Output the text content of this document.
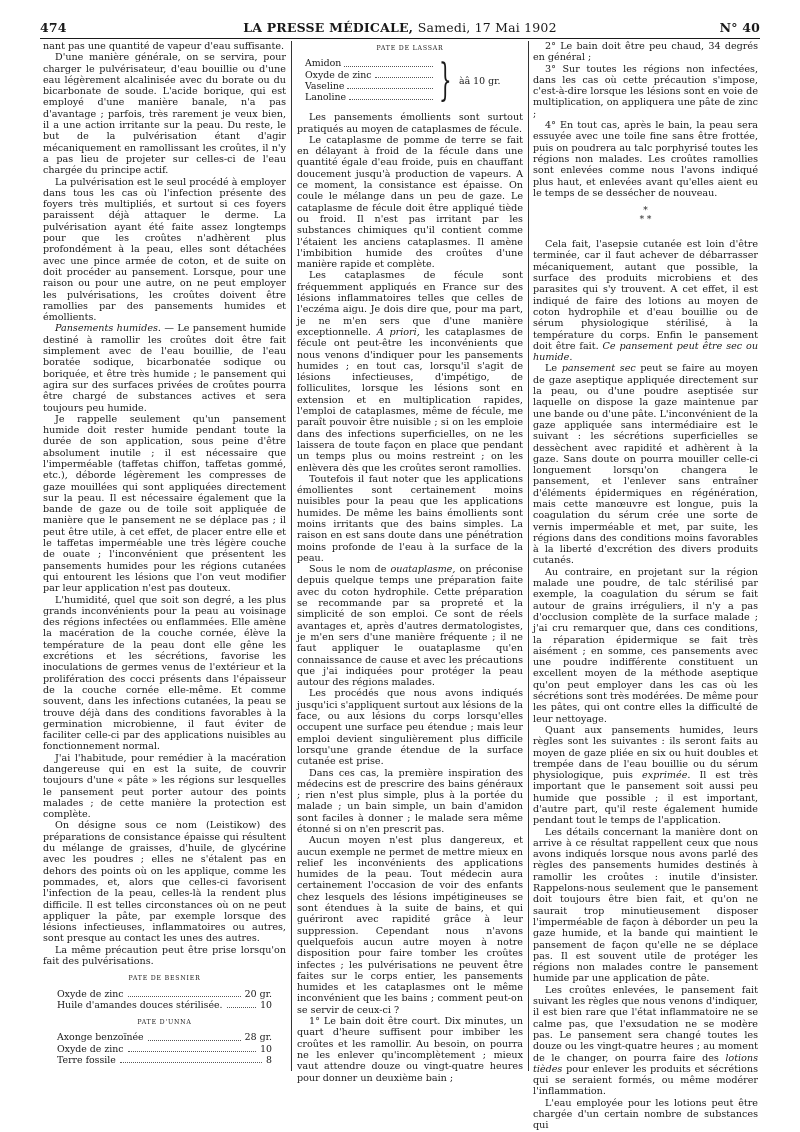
474	LA PRESSE MÉDICALE, Samedi, 17 Mai 1902	N° 40

nant pas une quantité de vapeur d'eau suffisante.

D'une manière générale, on se servira, pour charger le pulvérisateur, d'eau bouillie ou d'une eau légèrement alcalinisée avec du borate ou du bicarbonate de soude. L'acide borique, qui est employé d'une manière banale, n'a pas d'avantage ; parfois, très rarement je veux bien, il a une action irritante sur la peau. Du reste, le but de la pulvérisation étant d'agir mécaniquement en ramollissant les croûtes, il n'y a pas lieu de projeter sur celles-ci de l'eau chargée du principe actif.

La pulvérisation est le seul procédé à employer dans tous les cas où l'infection présente des foyers très multipliés, et surtout si ces foyers paraissent déjà attaquer le derme. La pulvérisation ayant été faite assez longtemps pour que les croûtes n'adhèrent plus profondément à la peau, elles sont détachées avec une pince armée de coton, et de suite on doit procéder au pansement. Lorsque, pour une raison ou pour une autre, on ne peut employer les pulvérisations, les croûtes doivent être ramollies par des pansements humides et émollients.

Pansements humides. — Le pansement humide destiné à ramollir les croûtes doit être fait simplement avec de l'eau bouillie, de l'eau boratée sodique, bicarbonatée sodique ou boriquée, et être très humide ; le pansement qui agira sur des surfaces privées de croûtes pourra être chargé de substances actives et sera toujours peu humide.

Je rappelle seulement qu'un pansement humide doit rester humide pendant toute la durée de son application, sous peine d'être absolument inutile ; il est nécessaire que l'imperméable (taffetas chiffon, taffetas gommé, etc.), déborde légèrement les compresses de gaze mouillées qui sont appliquées directement sur la peau. Il est nécessaire également que la bande de gaze ou de toile soit appliquée de manière que le pansement ne se déplace pas ; il peut être utile, à cet effet, de placer entre elle et le taffetas imperméable une très légère couche de ouate ; l'inconvénient que présentent les pansements humides pour les régions cutanées qui entourent les lésions que l'on veut modifier par leur application n'est pas douteux.

L'humidité, quel que soit son degré, a les plus grands inconvénients pour la peau au voisinage des régions infectées ou enflammées. Elle amène la macération de la couche cornée, élève la température de la peau dont elle gêne les excrétions et les sécrétions, favorise les inoculations de germes venus de l'extérieur et la prolifération des cocci présents dans l'épaisseur de la couche cornée elle-même. Et comme souvent, dans les infections cutanées, la peau se trouve déjà dans des conditions favorables à la germination microbienne, il faut éviter de faciliter celle-ci par des applications nuisibles au fonctionnement normal.

J'ai l'habitude, pour remédier à la macération dangereuse qui en est la suite, de couvrir toujours d'une « pâte » les régions sur lesquelles le pansement peut porter autour des points malades ; de cette manière la protection est complète.

On désigne sous ce nom (Leistikow) des préparations de consistance épaisse qui résultent du mélange de graisses, d'huile, de glycérine avec les poudres ; elles ne s'étalent pas en dehors des points où on les applique, comme les pommades, et, alors que celles-ci favorisent l'infection de la peau, celles-là la rendent plus difficile. Il est telles circonstances où on ne peut appliquer la pâte, par exemple lorsque des lésions infectieuses, inflammatoires ou autres, sont presque au contact les unes des autres.

La même précaution peut être prise lorsqu'on fait des pulvérisations.

PATE DE BESNIER
Oxyde de zinc	20 gr.
Huile d'amandes douces stérilisée.	10
PATE D'UNNA
Axonge benzoïnée	28 gr.
Oxyde de zinc	10
Terre fossile	8
PATE DE LASSAR
Amidon
Oxyde de zinc
Vaseline
Lanoline } àâ 10 gr.

Les pansements émollients sont surtout pratiqués au moyen de cataplasmes de fécule.

Le cataplasme de pomme de terre se fait en délayant à froid de la fécule dans une quantité égale d'eau froide, puis en chauffant doucement jusqu'à production de vapeurs. A ce moment, la consistance est épaisse. On coule le mélange dans un peu de gaze. Le cataplasme de fécule doit être appliqué tiède ou froid. Il n'est pas irritant par les substances chimiques qu'il contient comme l'étaient les anciens cataplasmes. Il amène l'imbibition humide des croûtes d'une manière rapide et complète.

Les cataplasmes de fécule sont fréquemment appliqués en France sur des lésions inflammatoires telles que celles de l'eczéma aigu. Je dois dire que, pour ma part, je ne m'en sers que d'une manière exceptionnelle. A priori, les cataplasmes de fécule ont peut-être les inconvénients que nous venons d'indiquer pour les pansements humides ; en tout cas, lorsqu'il s'agit de lésions infectieuses, d'impétigo, de folliculites, lorsque les lésions sont en extension et en multiplication rapides, l'emploi de cataplasmes, même de fécule, me paraît pouvoir être nuisible ; si on les emploie dans des infections superficielles, on ne les laissera de toute façon en place que pendant un temps plus ou moins restreint ; on les enlèvera dès que les croûtes seront ramollies.

Toutefois il faut noter que les applications émollientes sont certainement moins nuisibles pour la peau que les applications humides. De même les bains émollients sont moins irritants que des bains simples. La raison en est sans doute dans une pénétration moins profonde de l'eau à la surface de la peau.

Sous le nom de ouataplasme, on préconise depuis quelque temps une préparation faite avec du coton hydrophile. Cette préparation se recommande par sa propreté et la simplicité de son emploi. Ce sont de réels avantages et, après d'autres dermatologistes, je m'en sers d'une manière fréquente ; il ne faut appliquer le ouataplasme qu'en connaissance de cause et avec les précautions que j'ai indiquées pour protéger la peau autour des régions malades.

Les procédés que nous avons indiqués jusqu'ici s'appliquent surtout aux lésions de la face, ou aux lésions du corps lorsqu'elles occupent une surface peu étendue ; mais leur emploi devient singulièrement plus difficile lorsqu'une grande étendue de la surface cutanée est prise.

Dans ces cas, la première inspiration des médecins est de prescrire des bains généraux ; rien n'est plus simple, plus à la portée du malade ; un bain simple, un bain d'amidon sont faciles à donner ; le malade sera même étonné si on n'en prescrit pas.

Aucun moyen n'est plus dangereux, et aucun exemple ne permet de mettre mieux en relief les inconvénients des applications humides de la peau. Tout médecin aura certainement l'occasion de voir des enfants chez lesquels des lésions impétigineuses se sont étendues à la suite de bains, et qui guériront avec rapidité grâce à leur suppression. Cependant nous n'avons quelquefois aucun autre moyen à notre disposition pour faire tomber les croûtes infectes ; les pulvérisations ne peuvent être faites sur le corps entier, les pansements humides et les cataplasmes ont le même inconvénient que les bains ; comment peut-on se servir de ceux-ci ?

1° Le bain doit être court. Dix minutes, un quart d'heure suffisent pour imbiber les croûtes et les ramollir. Au besoin, on pourra ne les enlever qu'incomplètement ; mieux vaut attendre douze ou vingt-quatre heures pour donner un deuxième bain ;

2° Le bain doit être peu chaud, 34 degrés en général ;

3° Sur toutes les régions non infectées, dans les cas où cette précaution s'impose, c'est-à-dire lorsque les lésions sont en voie de multiplication, on appliquera une pâte de zinc ;

4° En tout cas, après le bain, la peau sera essuyée avec une toile fine sans être frottée, puis on poudrera au talc porphyrisé toutes les régions non malades. Les croûtes ramollies sont enlevées comme nous l'avons indiqué plus haut, et enlevées avant qu'elles aient eu le temps de se dessécher de nouveau.

*
* *

Cela fait, l'asepsie cutanée est loin d'être terminée, car il faut achever de débarrasser mécaniquement, autant que possible, la surface des produits microbiens et des parasites qui s'y trouvent. A cet effet, il est indiqué de faire des lotions au moyen de coton hydrophile et d'eau bouillie ou de sérum physiologique stérilisé, à la température du corps. Enfin le pansement doit être fait. Ce pansement peut être sec ou humide.

Le pansement sec peut se faire au moyen de gaze aseptique appliquée directement sur la peau, ou d'une poudre aseptisée sur laquelle on dispose la gaze maintenue par une bande ou d'une pâte. L'inconvénient de la gaze appliquée sans intermédiaire est le suivant : les sécrétions superficielles se dessèchent avec rapidité et adhèrent à la gaze. Sans doute on pourra mouiller celle-ci longuement lorsqu'on changera le pansement, et l'enlever sans entraîner d'éléments épidermiques en régénération, mais cette manœuvre est longue, puis la coagulation du sérum crée une sorte de vernis imperméable et met, par suite, les régions dans des conditions moins favorables à la liberté d'excrétion des divers produits cutanés.

Au contraire, en projetant sur la région malade une poudre, de talc stérilisé par exemple, la coagulation du sérum se fait autour de grains irréguliers, il n'y a pas d'occlusion complète de la surface malade ; j'ai cru remarquer que, dans ces conditions, la réparation épidermique se fait très aisément ; en somme, ces pansements avec une poudre indifférente constituent un excellent moyen de la méthode aseptique qu'on peut employer dans les cas où les sécrétions sont très modérées. De même pour les pâtes, qui ont contre elles la difficulté de leur nettoyage.

Quant aux pansements humides, leurs règles sont les suivantes : ils seront faits au moyen de gaze pliée en six ou huit doubles et trempée dans de l'eau bouillie ou du sérum physiologique, puis exprimée. Il est très important que le pansement soit aussi peu humide que possible ; il est important, d'autre part, qu'il reste également humide pendant tout le temps de l'application.

Les détails concernant la manière dont on arrive à ce résultat rappellent ceux que nous avons indiqués lorsque nous avons parlé des règles des pansements humides destinés à ramollir les croûtes : inutile d'insister. Rappelons-nous seulement que le pansement doit toujours être bien fait, et qu'on ne saurait trop minutieusement disposer l'imperméable de façon à déborder un peu la gaze humide, et la bande qui maintient le pansement de façon qu'elle ne se déplace pas. Il est souvent utile de protéger les régions non malades contre le pansement humide par une application de pâte.

Les croûtes enlevées, le pansement fait suivant les règles que nous venons d'indiquer, il est bien rare que l'état inflammatoire ne se calme pas, que l'exsudation ne se modère pas. Le pansement sera changé toutes les douze ou les vingt-quatre heures ; au moment de le changer, on pourra faire des lotions tièdes pour enlever les produits et sécrétions qui se seraient formés, ou même modérer l'inflammation.

L'eau employée pour les lotions peut être chargée d'un certain nombre de substances qui
